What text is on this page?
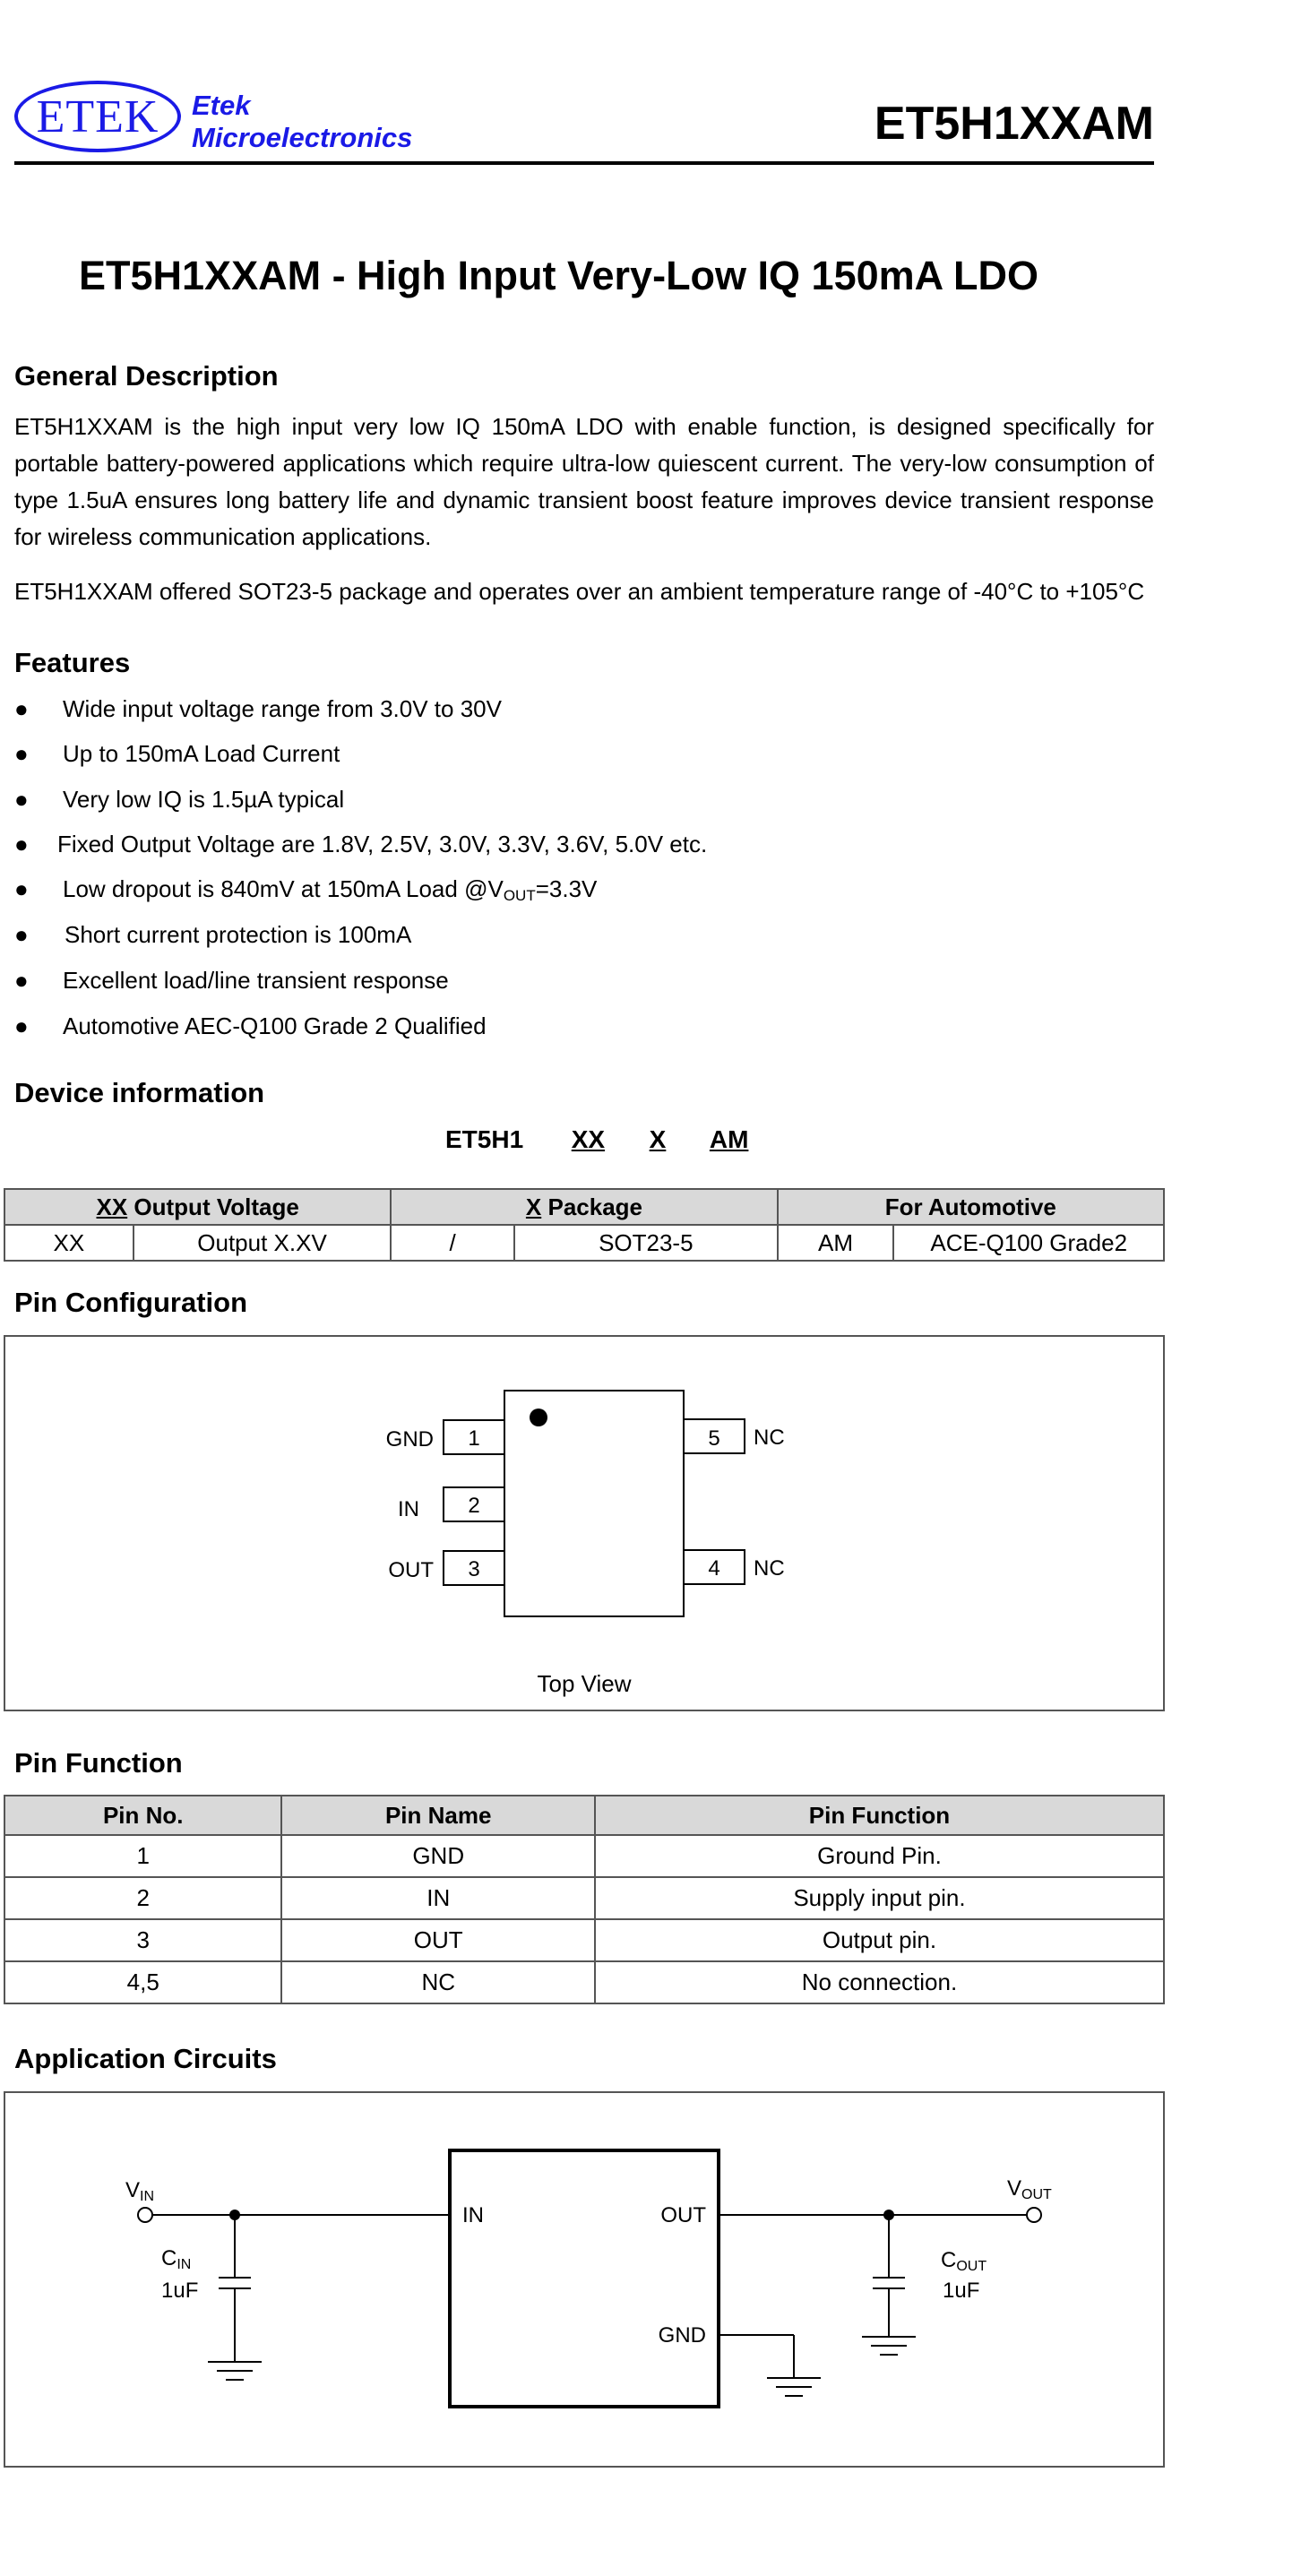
ETEK Etek
Microelectronics	ET5H1XXAM
ET5H1XXAM - High Input Very-Low IQ 150mA LDO
General Description
ET5H1XXAM is the high input very low IQ 150mA LDO with enable function, is designed specifically for portable battery-powered applications which require ultra-low quiescent current. The very-low consumption of type 1.5uA ensures long battery life and dynamic transient boost feature improves device transient response for wireless communication applications.
ET5H1XXAM offered SOT23-5 package and operates over an ambient temperature range of -40°C to +105°C
Features
● Wide input voltage range from 3.0V to 30V
● Up to 150mA Load Current
● Very low IQ is 1.5µA typical
● Fixed Output Voltage are 1.8V, 2.5V, 3.0V, 3.3V, 3.6V, 5.0V etc.
● Low dropout is 840mV at 150mA Load $@V_{OUT}=3.3V$
● Short current protection is 100mA
● Excellent load/line transient response
● Automotive AEC-Q100 Grade 2 Qualified
Device information
ET5H1 XX X AM
XX Output Voltage		X Package		For Automotive	
XX	Output X.XV	/	SOT23-5	AM	ACE-Q100 Grade2
Pin Configuration
1
GND
2
IN
3
OUT
5 NC
4 NC
Top View
Pin Function
Pin No.	Pin Name	Pin Function
1	GND	Ground Pin.
2	IN	Supply input pin.
3	OUT	Output pin.
4,5	NC	No connection.
Application Circuits
VIN
CIN
1uF
VOUT
COUT
1uF
IN	OUT
GND
